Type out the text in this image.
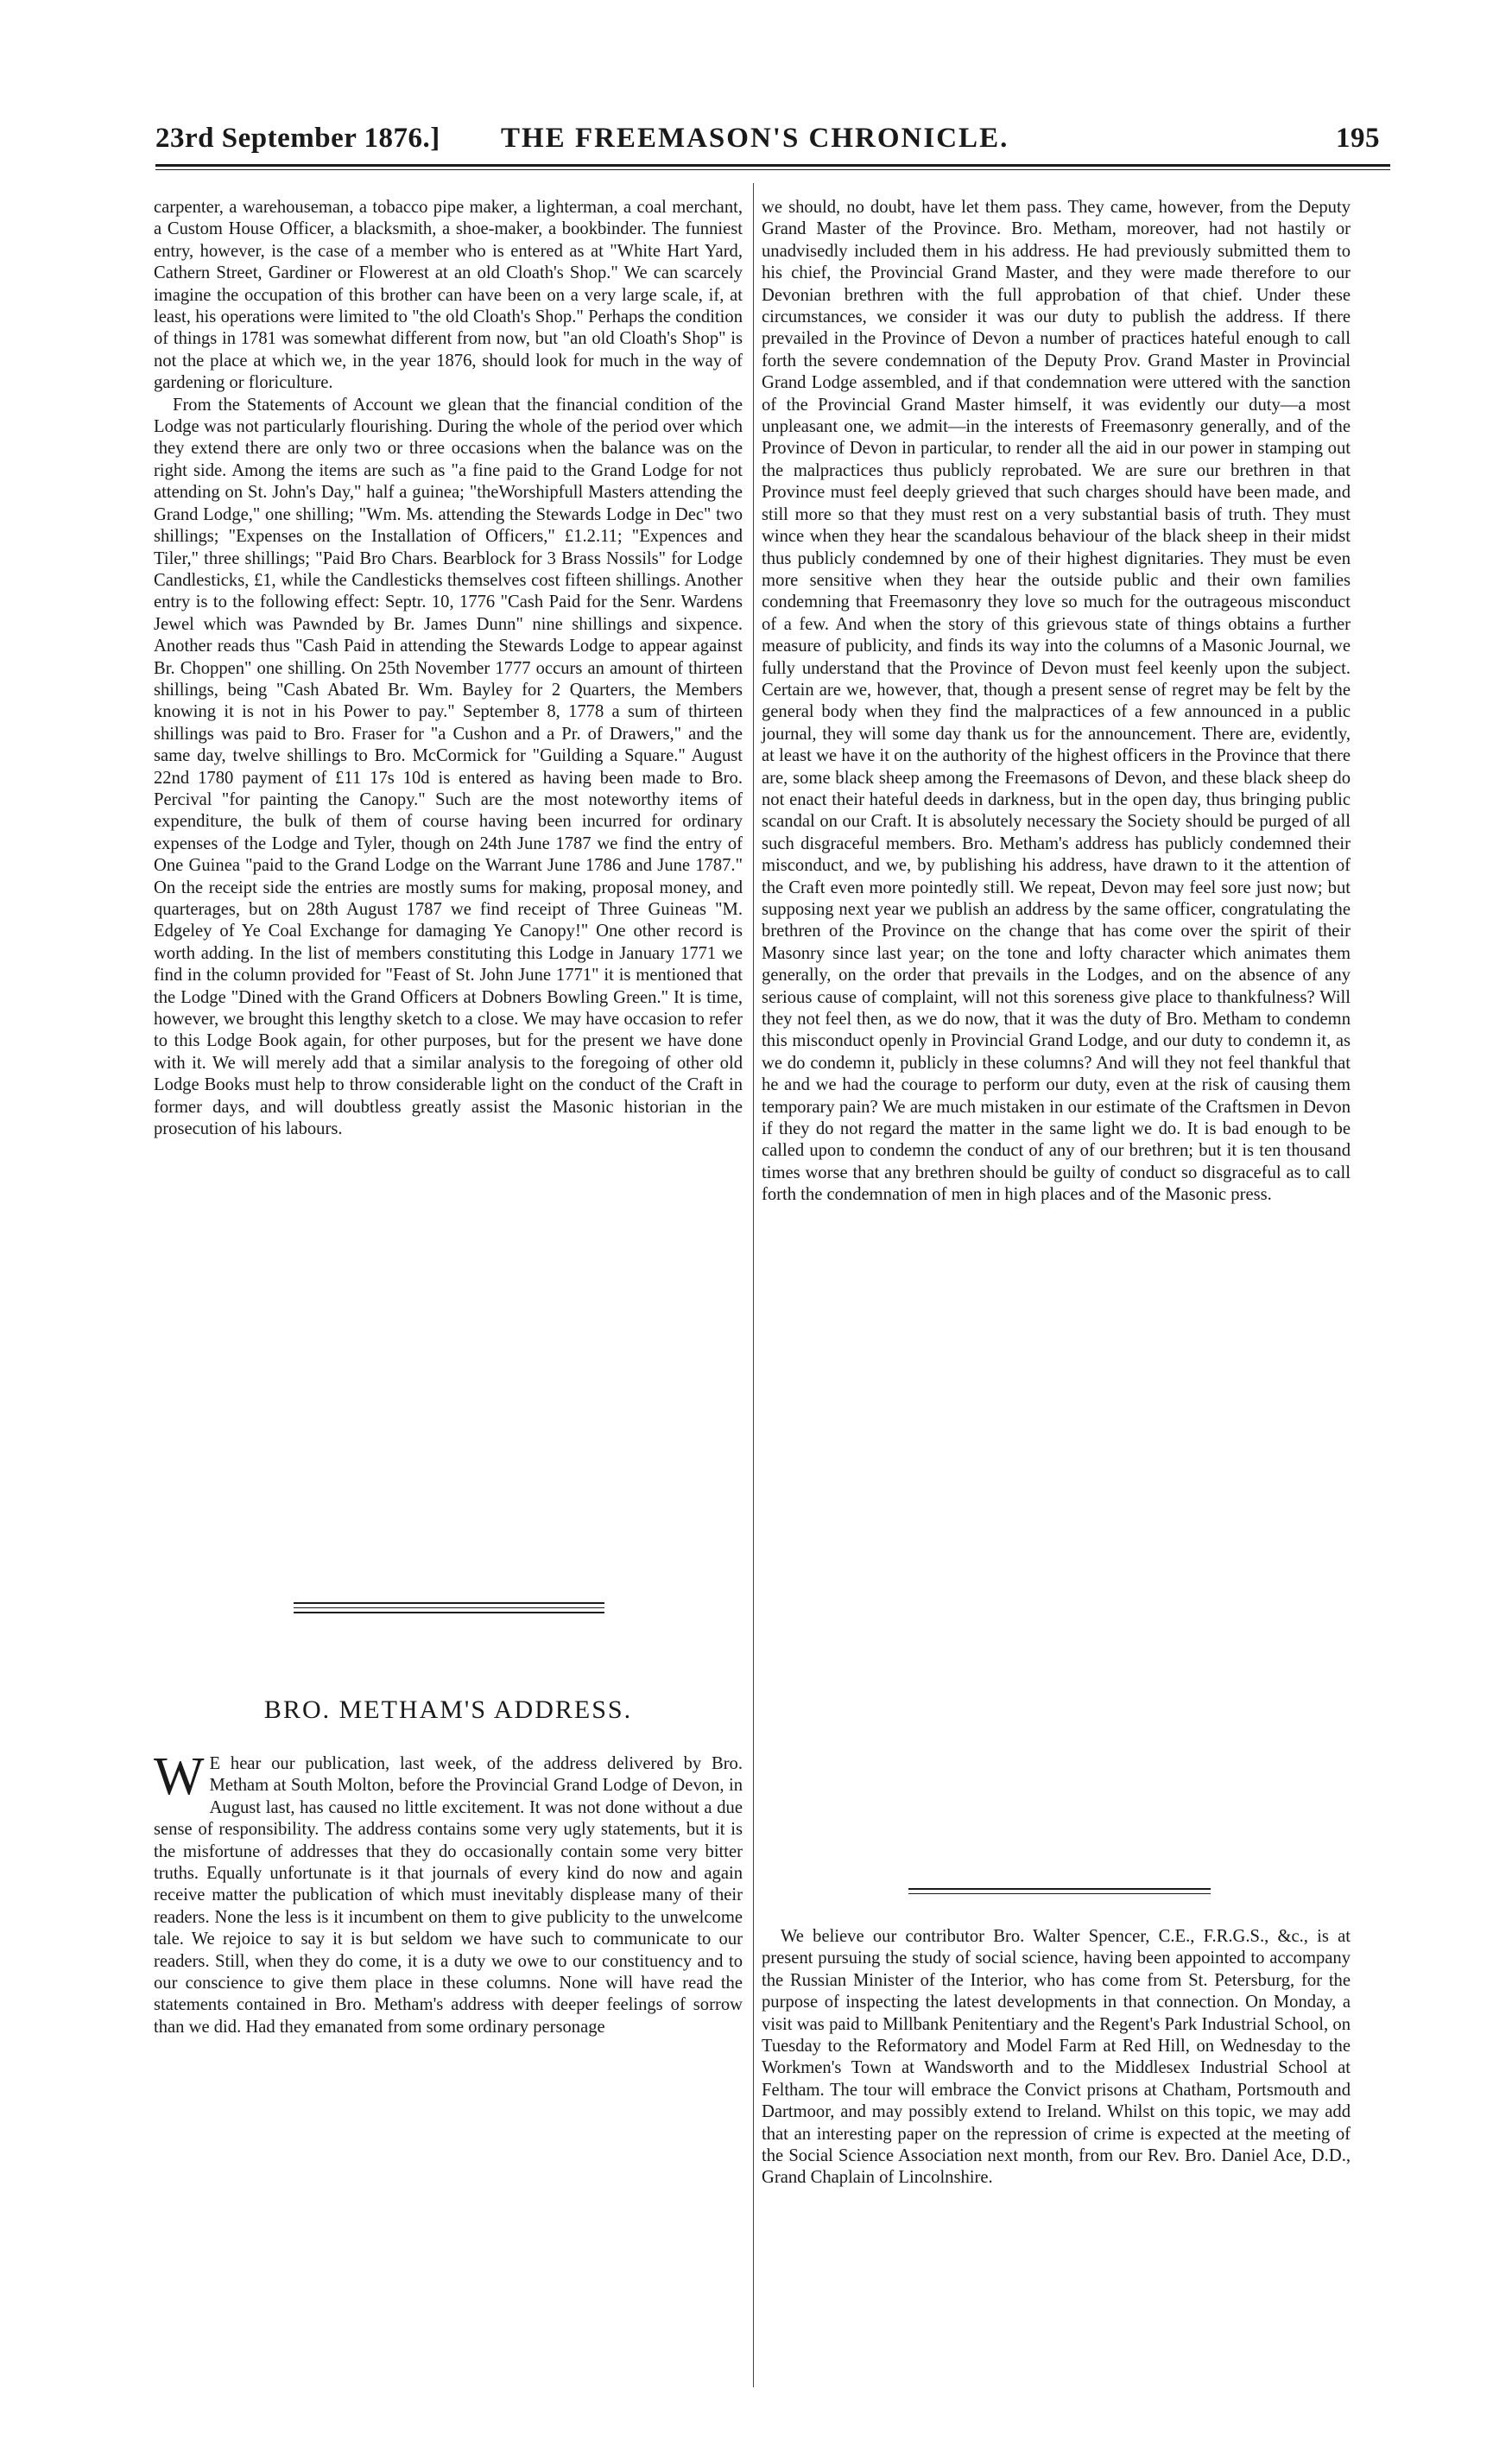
23rd September 1876.] THE FREEMASON'S CHRONICLE.	195

carpenter, a warehouseman, a tobacco pipe maker, a lighterman, a coal merchant, a Custom House Officer, a blacksmith, a shoe-maker, a bookbinder. The funniest entry, however, is the case of a member who is entered as at "White Hart Yard, Cathern Street, Gardiner or Flowerest at an old Cloath's Shop." We can scarcely imagine the occupation of this brother can have been on a very large scale, if, at least, his operations were limited to "the old Cloath's Shop." Perhaps the condition of things in 1781 was somewhat different from now, but "an old Cloath's Shop" is not the place at which we, in the year 1876, should look for much in the way of gardening or floriculture.

From the Statements of Account we glean that the financial condition of the Lodge was not particularly flourishing. During the whole of the period over which they extend there are only two or three occasions when the balance was on the right side. Among the items are such as "a fine paid to the Grand Lodge for not attending on St. John's Day," half a guinea; "theWorshipfull Masters attending the Grand Lodge," one shilling; "Wm. Ms. attending the Stewards Lodge in Dec" two shillings; "Expenses on the Installation of Officers," £1.2.11; "Expences and Tiler," three shillings; "Paid Bro Chars. Bearblock for 3 Brass Nossils" for Lodge Candlesticks, £1, while the Candlesticks themselves cost fifteen shillings. Another entry is to the following effect: Septr. 10, 1776 "Cash Paid for the Senr. Wardens Jewel which was Pawnded by Br. James Dunn" nine shillings and sixpence. Another reads thus "Cash Paid in attending the Stewards Lodge to appear against Br. Choppen" one shilling. On 25th November 1777 occurs an amount of thirteen shillings, being "Cash Abated Br. Wm. Bayley for 2 Quarters, the Members knowing it is not in his Power to pay." September 8, 1778 a sum of thirteen shillings was paid to Bro. Fraser for "a Cushon and a Pr. of Drawers," and the same day, twelve shillings to Bro. McCormick for "Guilding a Square." August 22nd 1780 payment of £11 17s 10d is entered as having been made to Bro. Percival "for painting the Canopy." Such are the most noteworthy items of expenditure, the bulk of them of course having been incurred for ordinary expenses of the Lodge and Tyler, though on 24th June 1787 we find the entry of One Guinea "paid to the Grand Lodge on the Warrant June 1786 and June 1787." On the receipt side the entries are mostly sums for making, proposal money, and quarterages, but on 28th August 1787 we find receipt of Three Guineas "M. Edgeley of Ye Coal Exchange for damaging Ye Canopy!" One other record is worth adding. In the list of members constituting this Lodge in January 1771 we find in the column provided for "Feast of St. John June 1771" it is mentioned that the Lodge "Dined with the Grand Officers at Dobners Bowling Green." It is time, however, we brought this lengthy sketch to a close. We may have occasion to refer to this Lodge Book again, for other purposes, but for the present we have done with it. We will merely add that a similar analysis to the foregoing of other old Lodge Books must help to throw considerable light on the conduct of the Craft in former days, and will doubtless greatly assist the Masonic historian in the prosecution of his labours.

BRO. METHAM'S ADDRESS.

W E hear our publication, last week, of the address delivered by Bro. Metham at South Molton, before the Provincial Grand Lodge of Devon, in August last, has caused no little excitement. It was not done without a due sense of responsibility. The address contains some very ugly statements, but it is the misfortune of addresses that they do occasionally contain some very bitter truths. Equally unfortunate is it that journals of every kind do now and again receive matter the publication of which must inevitably displease many of their readers. None the less is it incumbent on them to give publicity to the unwelcome tale. We rejoice to say it is but seldom we have such to communicate to our readers. Still, when they do come, it is a duty we owe to our constituency and to our conscience to give them place in these columns. None will have read the statements contained in Bro. Metham's address with deeper feelings of sorrow than we did. Had they emanated from some ordinary personage

we should, no doubt, have let them pass. They came, however, from the Deputy Grand Master of the Province. Bro. Metham, moreover, had not hastily or unadvisedly included them in his address. He had previously submitted them to his chief, the Provincial Grand Master, and they were made therefore to our Devonian brethren with the full approbation of that chief. Under these circumstances, we consider it was our duty to publish the address. If there prevailed in the Province of Devon a number of practices hateful enough to call forth the severe condemnation of the Deputy Prov. Grand Master in Provincial Grand Lodge assembled, and if that condemnation were uttered with the sanction of the Provincial Grand Master himself, it was evidently our duty—a most unpleasant one, we admit—in the interests of Freemasonry generally, and of the Province of Devon in particular, to render all the aid in our power in stamping out the malpractices thus publicly reprobated. We are sure our brethren in that Province must feel deeply grieved that such charges should have been made, and still more so that they must rest on a very substantial basis of truth. They must wince when they hear the scandalous behaviour of the black sheep in their midst thus publicly condemned by one of their highest dignitaries. They must be even more sensitive when they hear the outside public and their own families condemning that Freemasonry they love so much for the outrageous misconduct of a few. And when the story of this grievous state of things obtains a further measure of publicity, and finds its way into the columns of a Masonic Journal, we fully understand that the Province of Devon must feel keenly upon the subject. Certain are we, however, that, though a present sense of regret may be felt by the general body when they find the malpractices of a few announced in a public journal, they will some day thank us for the announcement. There are, evidently, at least we have it on the authority of the highest officers in the Province that there are, some black sheep among the Freemasons of Devon, and these black sheep do not enact their hateful deeds in darkness, but in the open day, thus bringing public scandal on our Craft. It is absolutely necessary the Society should be purged of all such disgraceful members. Bro. Metham's address has publicly condemned their misconduct, and we, by publishing his address, have drawn to it the attention of the Craft even more pointedly still. We repeat, Devon may feel sore just now; but supposing next year we publish an address by the same officer, congratulating the brethren of the Province on the change that has come over the spirit of their Masonry since last year; on the tone and lofty character which animates them generally, on the order that prevails in the Lodges, and on the absence of any serious cause of complaint, will not this soreness give place to thankfulness? Will they not feel then, as we do now, that it was the duty of Bro. Metham to condemn this misconduct openly in Provincial Grand Lodge, and our duty to condemn it, as we do condemn it, publicly in these columns? And will they not feel thankful that he and we had the courage to perform our duty, even at the risk of causing them temporary pain? We are much mistaken in our estimate of the Craftsmen in Devon if they do not regard the matter in the same light we do. It is bad enough to be called upon to condemn the conduct of any of our brethren; but it is ten thousand times worse that any brethren should be guilty of conduct so disgraceful as to call forth the condemnation of men in high places and of the Masonic press.

We believe our contributor Bro. Walter Spencer, C.E., F.R.G.S., &c., is at present pursuing the study of social science, having been appointed to accompany the Russian Minister of the Interior, who has come from St. Petersburg, for the purpose of inspecting the latest developments in that connection. On Monday, a visit was paid to Millbank Penitentiary and the Regent's Park Industrial School, on Tuesday to the Reformatory and Model Farm at Red Hill, on Wednesday to the Workmen's Town at Wandsworth and to the Middlesex Industrial School at Feltham. The tour will embrace the Convict prisons at Chatham, Portsmouth and Dartmoor, and may possibly extend to Ireland. Whilst on this topic, we may add that an interesting paper on the repression of crime is expected at the meeting of the Social Science Association next month, from our Rev. Bro. Daniel Ace, D.D., Grand Chaplain of Lincolnshire.
